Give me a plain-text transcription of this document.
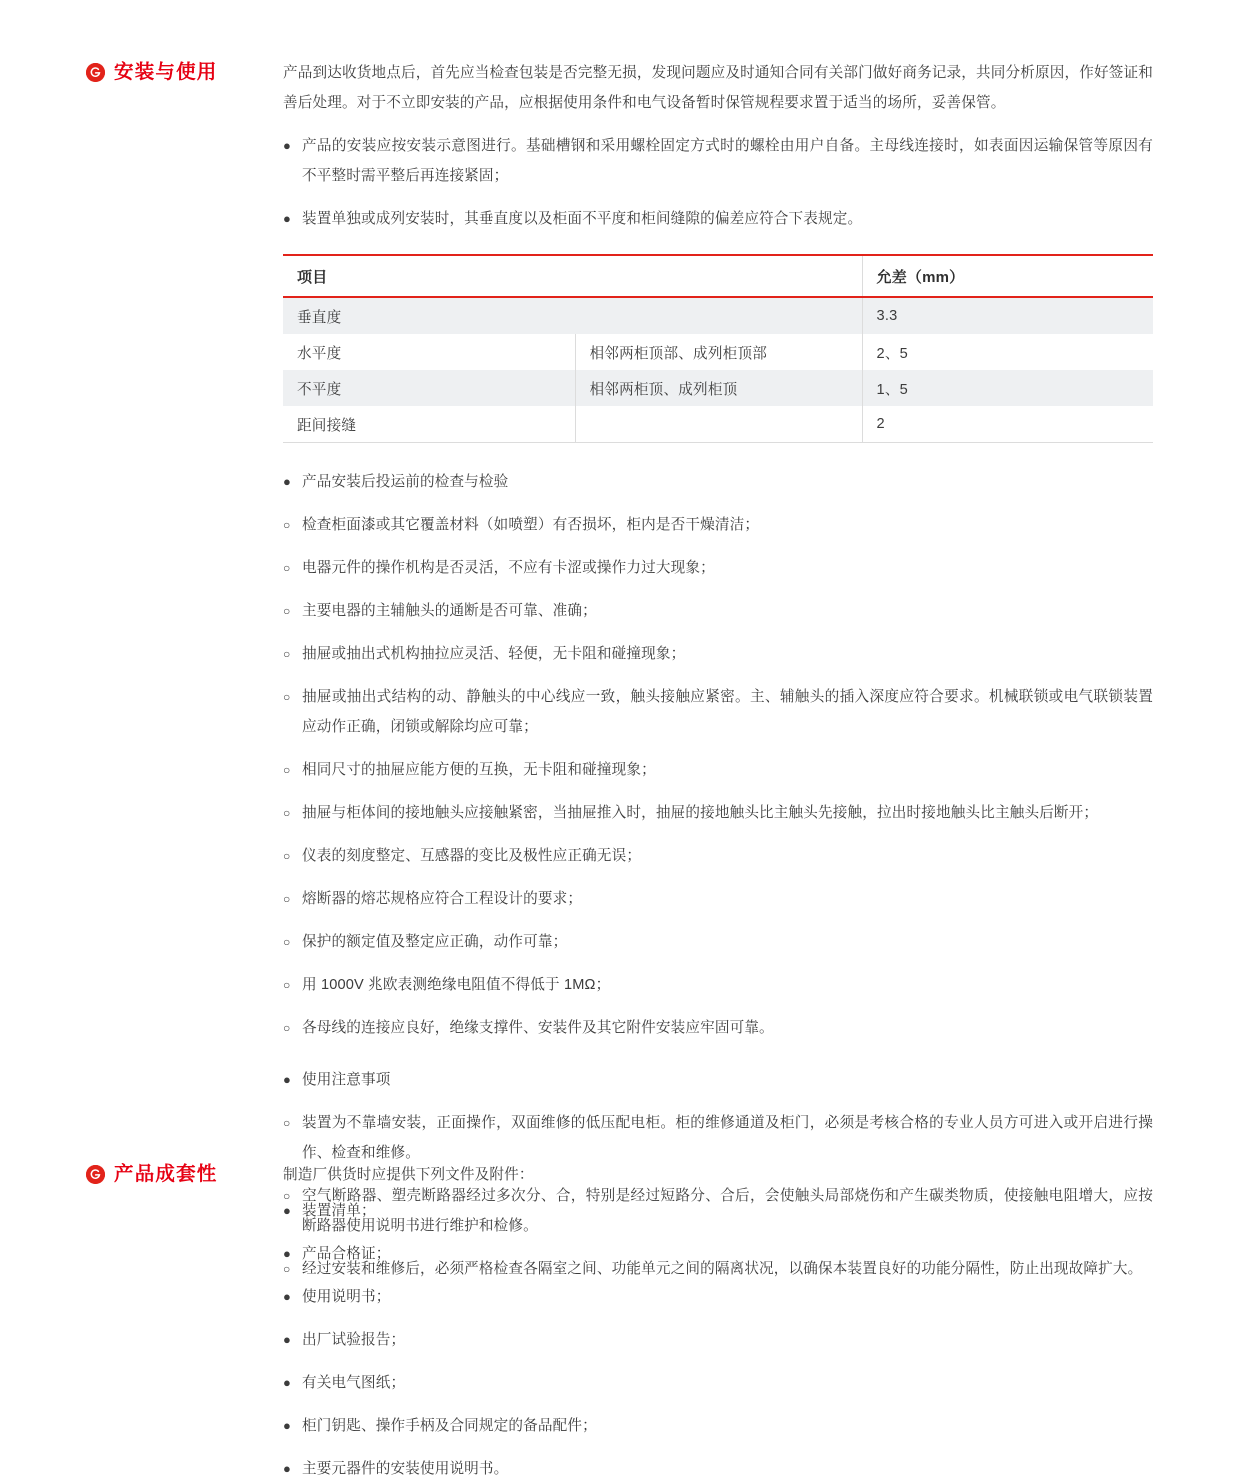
安装与使用	产品到达收货地点后，首先应当检查包装是否完整无损，发现问题应及时通知合同有关部门做好商务记录，共同分析原因，作好签证和善后处理。对于不立即安装的产品，应根据使用条件和电气设备暂时保管规程要求置于适当的场所，妥善保管。

● 产品的安装应按安装示意图进行。基础槽钢和采用螺栓固定方式时的螺栓由用户自备。主母线连接时，如表面因运输保管等原因有不平整时需平整后再连接紧固；

● 装置单独或成列安装时，其垂直度以及柜面不平度和柜间缝隙的偏差应符合下表规定。

项目		允差（mm）
垂直度		3.3
水平度	相邻两柜顶部、成列柜顶部	2、5
不平度	相邻两柜顶、成列柜顶	1、5
距间接缝		2

● 产品安装后投运前的检查与检验

○ 检查柜面漆或其它覆盖材料（如喷塑）有否损坏，柜内是否干燥清洁；

○ 电器元件的操作机构是否灵活，不应有卡涩或操作力过大现象；

○ 主要电器的主辅触头的通断是否可靠、准确；

○ 抽屉或抽出式机构抽拉应灵活、轻便，无卡阻和碰撞现象；

○ 抽屉或抽出式结构的动、静触头的中心线应一致，触头接触应紧密。主、辅触头的插入深度应符合要求。机械联锁或电气联锁装置应动作正确，闭锁或解除均应可靠；

○ 相同尺寸的抽屉应能方便的互换，无卡阻和碰撞现象；

○ 抽屉与柜体间的接地触头应接触紧密，当抽屉推入时，抽屉的接地触头比主触头先接触，拉出时接地触头比主触头后断开；

○ 仪表的刻度整定、互感器的变比及极性应正确无误；

○ 熔断器的熔芯规格应符合工程设计的要求；

○ 保护的额定值及整定应正确，动作可靠；

○ 用 1000V 兆欧表测绝缘电阻值不得低于 1MΩ；

○ 各母线的连接应良好，绝缘支撑件、安装件及其它附件安装应牢固可靠。

● 使用注意事项

○ 装置为不靠墙安装，正面操作，双面维修的低压配电柜。柜的维修通道及柜门，必须是考核合格的专业人员方可进入或开启进行操作、检查和维修。

○ 空气断路器、塑壳断路器经过多次分、合，特别是经过短路分、合后，会使触头局部烧伤和产生碳类物质，使接触电阻增大，应按断路器使用说明书进行维护和检修。

○ 经过安装和维修后，必须严格检查各隔室之间、功能单元之间的隔离状况，以确保本装置良好的功能分隔性，防止出现故障扩大。

产品成套性	制造厂供货时应提供下列文件及附件：

● 装置清单；

● 产品合格证；

● 使用说明书；

● 出厂试验报告；

● 有关电气图纸；

● 柜门钥匙、操作手柄及合同规定的备品配件；

● 主要元器件的安装使用说明书。
